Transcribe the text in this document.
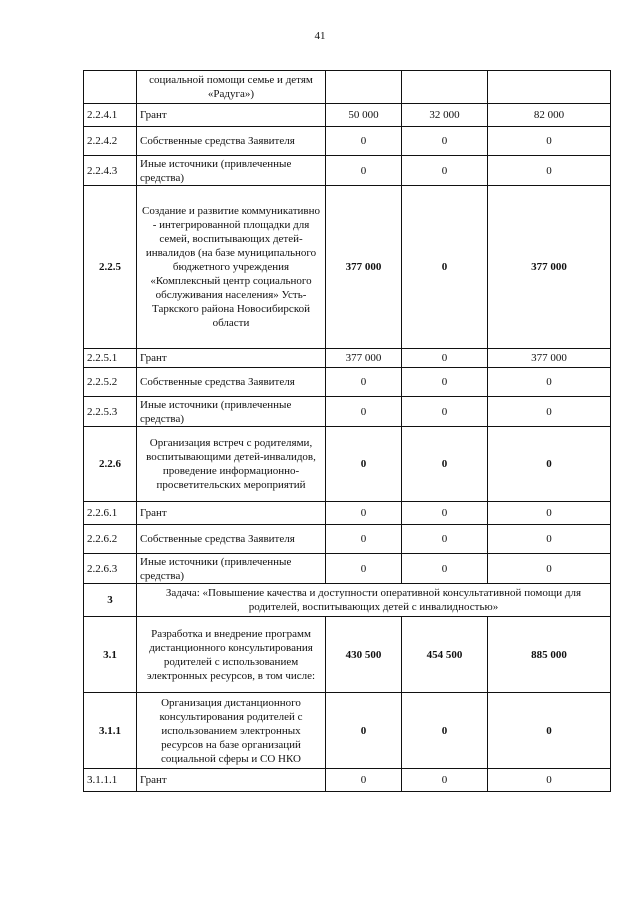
41
	социальной помощи семье и детям «Радуга»)			
2.2.4.1	Грант	50 000	32 000	82 000
2.2.4.2	Собственные средства Заявителя	0	0	0
2.2.4.3	Иные источники (привлеченные средства)	0	0	0
2.2.5	Создание и развитие коммуникативно - интегрированной площадки для семей, воспитывающих детей-инвалидов (на базе муниципального бюджетного учреждения «Комплексный центр социального обслуживания населения» Усть-Таркского района Новосибирской области	377 000	0	377 000
2.2.5.1	Грант	377 000	0	377 000
2.2.5.2	Собственные средства Заявителя	0	0	0
2.2.5.3	Иные источники (привлеченные средства)	0	0	0
2.2.6	Организация встреч с родителями, воспитывающими детей-инвалидов, проведение информационно-просветительских мероприятий	0	0	0
2.2.6.1	Грант	0	0	0
2.2.6.2	Собственные средства Заявителя	0	0	0
2.2.6.3	Иные источники (привлеченные средства)	0	0	0
3	Задача: «Повышение качества и доступности оперативной консультативной помощи для родителей, воспитывающих детей с инвалидностью»			
3.1	Разработка и внедрение программ дистанционного консультирования родителей с использованием электронных ресурсов, в том числе:	430 500	454 500	885 000
3.1.1	Организация дистанционного консультирования родителей с использованием электронных ресурсов на базе организаций социальной сферы и СО НКО	0	0	0
3.1.1.1	Грант	0	0	0
